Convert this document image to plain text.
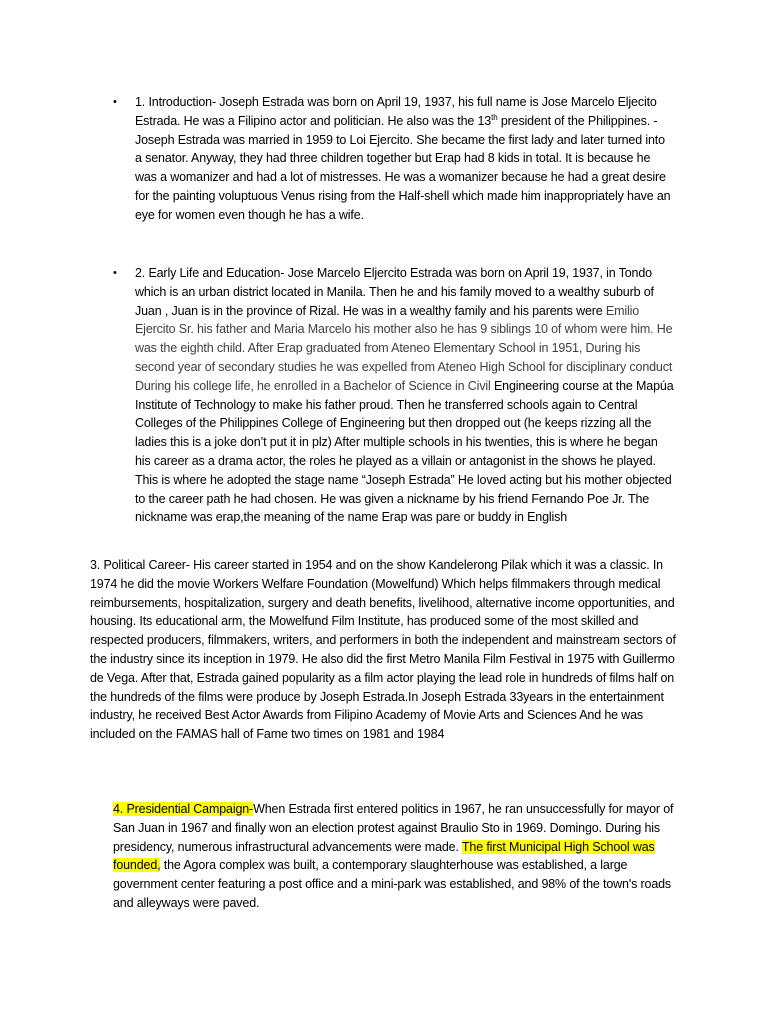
• 1. Introduction- Joseph Estrada was born on April 19, 1937, his full name is Jose Marcelo Eljecito Estrada. He was a Filipino actor and politician. He also was the 13th president of the Philippines. - Joseph Estrada was married in 1959 to Loi Ejercito. She became the first lady and later turned into a senator. Anyway, they had three children together but Erap had 8 kids in total. It is because he was a womanizer and had a lot of mistresses. He was a womanizer because he had a great desire for the painting voluptuous Venus rising from the Half-shell which made him inappropriately have an eye for women even though he has a wife.

• 2. Early Life and Education- Jose Marcelo Eljercito Estrada was born on April 19, 1937, in Tondo which is an urban district located in Manila. Then he and his family moved to a wealthy suburb of Juan , Juan is in the province of Rizal. He was in a wealthy family and his parents were Emilio Ejercito Sr. his father and Maria Marcelo his mother also he has 9 siblings 10 of whom were him. He was the eighth child. After Erap graduated from Ateneo Elementary School in 1951, During his second year of secondary studies he was expelled from Ateneo High School for disciplinary conduct During his college life, he enrolled in a Bachelor of Science in Civil Engineering course at the Mapúa Institute of Technology to make his father proud. Then he transferred schools again to Central Colleges of the Philippines College of Engineering but then dropped out (he keeps rizzing all the ladies this is a joke don’t put it in plz) After multiple schools in his twenties, this is where he began his career as a drama actor, the roles he played as a villain or antagonist in the shows he played. This is where he adopted the stage name “Joseph Estrada” He loved acting but his mother objected to the career path he had chosen. He was given a nickname by his friend Fernando Poe Jr. The nickname was erap,the meaning of the name Erap was pare or buddy in English

3. Political Career- His career started in 1954 and on the show Kandelerong Pilak which it was a classic. In 1974 he did the movie Workers Welfare Foundation (Mowelfund) Which helps filmmakers through medical reimbursements, hospitalization, surgery and death benefits, livelihood, alternative income opportunities, and housing. Its educational arm, the Mowelfund Film Institute, has produced some of the most skilled and respected producers, filmmakers, writers, and performers in both the independent and mainstream sectors of the industry since its inception in 1979. He also did the first Metro Manila Film Festival in 1975 with Guillermo de Vega. After that, Estrada gained popularity as a film actor playing the lead role in hundreds of films half on the hundreds of the films were produce by Joseph Estrada.In Joseph Estrada 33years in the entertainment industry, he received Best Actor Awards from Filipino Academy of Movie Arts and Sciences And he was included on the FAMAS hall of Fame two times on 1981 and 1984

4. Presidential Campaign-When Estrada first entered politics in 1967, he ran unsuccessfully for mayor of San Juan in 1967 and finally won an election protest against Braulio Sto in 1969. Domingo. During his presidency, numerous infrastructural advancements were made. The first Municipal High School was founded, the Agora complex was built, a contemporary slaughterhouse was established, a large government center featuring a post office and a mini-park was established, and 98% of the town's roads and alleyways were paved.
